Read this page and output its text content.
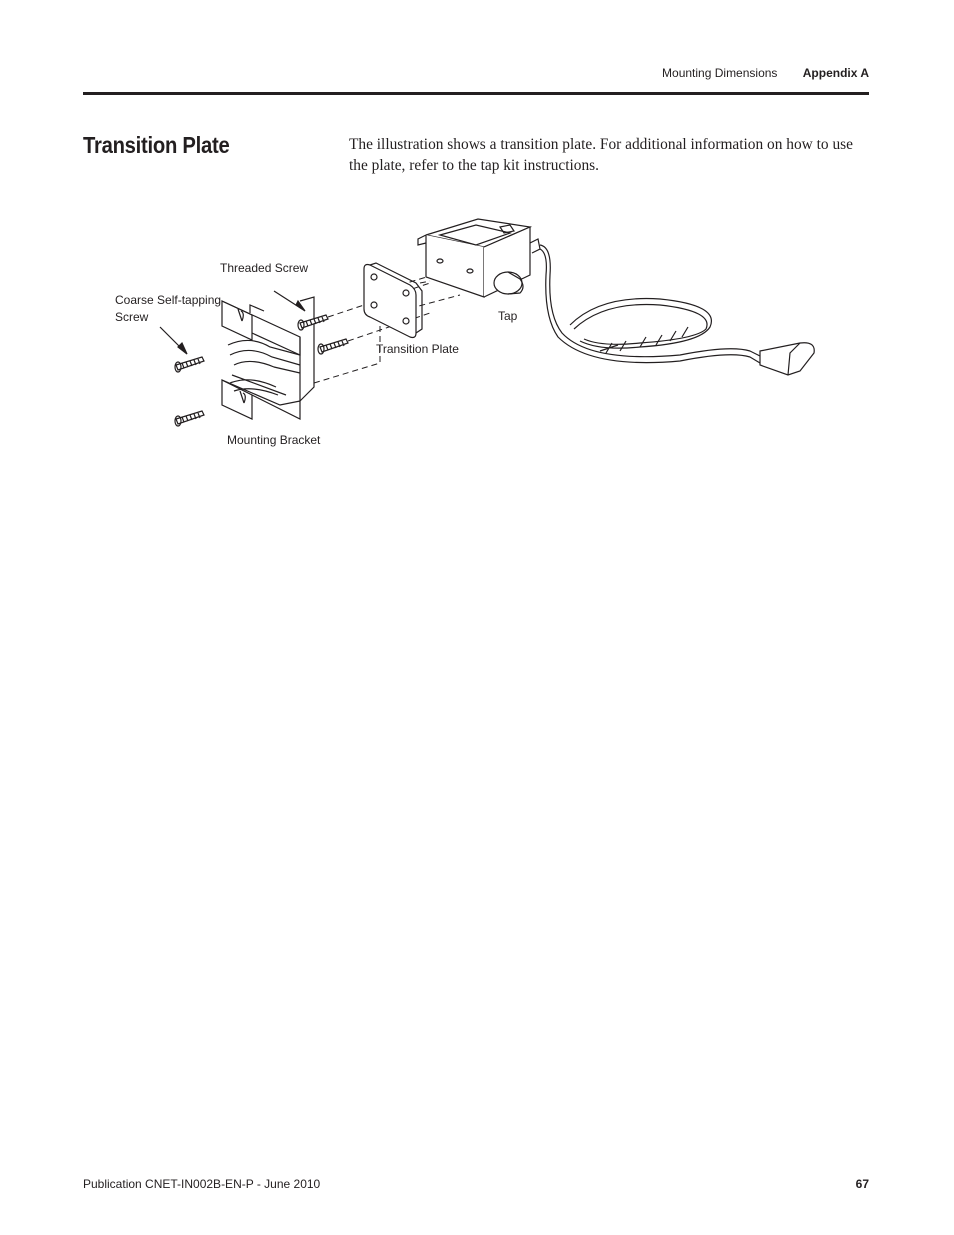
Mounting Dimensions Appendix A
Transition Plate	The illustration shows a transition plate. For additional information on how to use the plate, refer to the tap kit instructions.

Threaded Screw
Coarse Self-tapping
Screw
Transition Plate
Tap
Mounting Bracket
Publication CNET-IN002B-EN-P - June 2010	67
